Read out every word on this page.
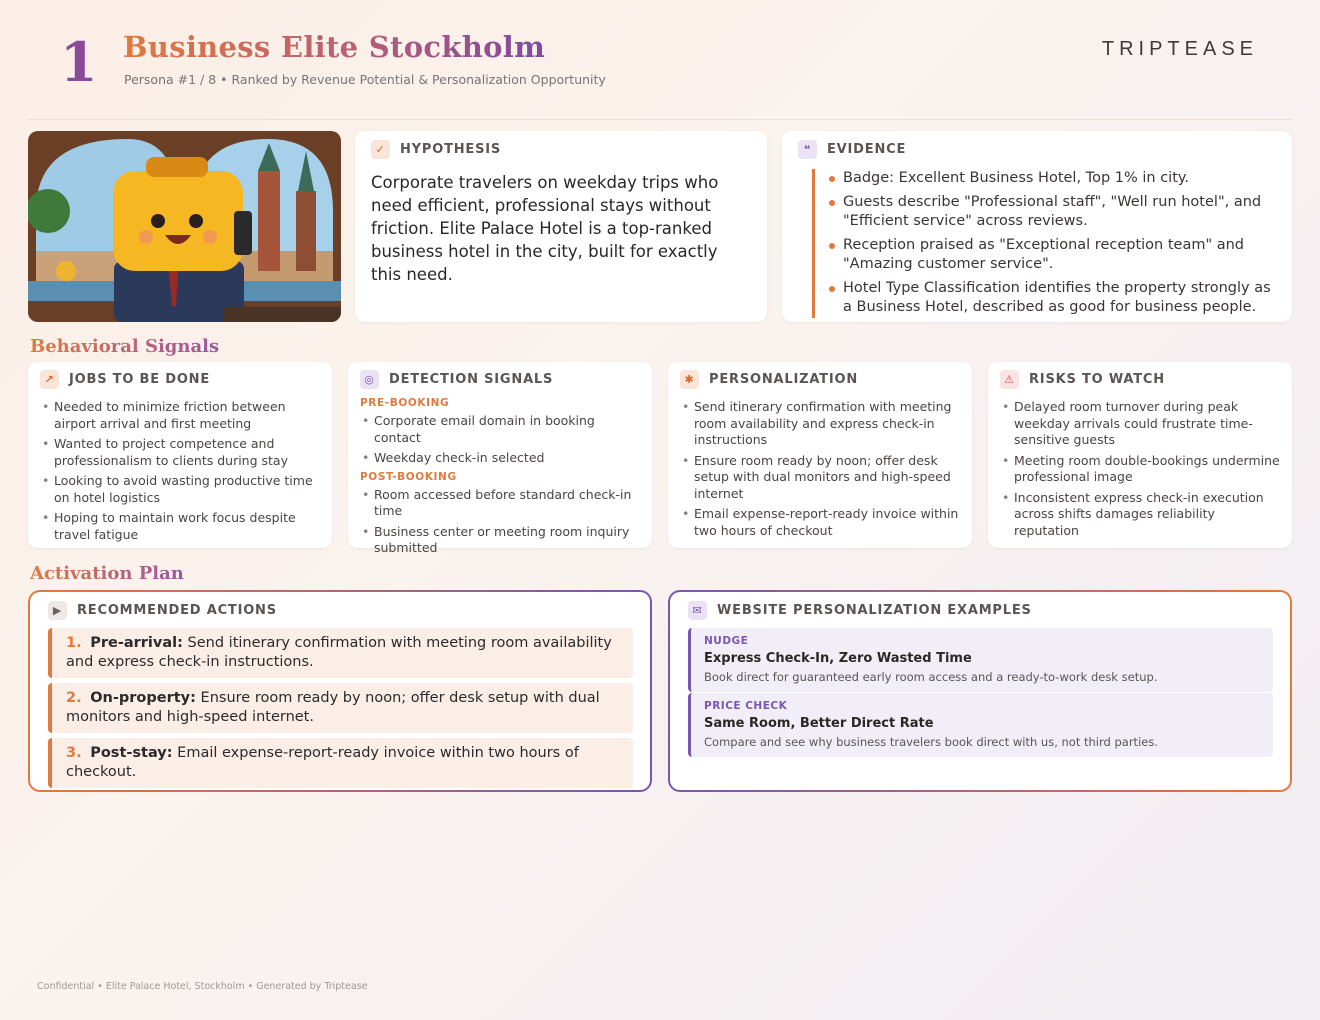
1 Business Elite Stockholm
Persona #1 / 8 • Ranked by Revenue Potential & Personalization Opportunity
TRIPTEASE
✓	HYPOTHESIS
Corporate travelers on weekday trips who need efficient, professional stays without friction. Elite Palace Hotel is a top-ranked business hotel in the city, built for exactly this need.
❝	EVIDENCE
Badge: Excellent Business Hotel, Top 1% in city.
Guests describe "Professional staff", "Well run hotel", and "Efficient service" across reviews.
Reception praised as "Exceptional reception team" and "Amazing customer service".
Hotel Type Classification identifies the property strongly as a Business Hotel, described as good for business people.
Behavioral Signals
↗	JOBS TO BE DONE
• Needed to minimize friction between airport arrival and first meeting
• Wanted to project competence and professionalism to clients during stay
• Looking to avoid wasting productive time on hotel logistics
• Hoping to maintain work focus despite travel fatigue
◎	DETECTION SIGNALS
PRE-BOOKING
• Corporate email domain in booking contact
• Weekday check-in selected
POST-BOOKING
• Room accessed before standard check-in time
• Business center or meeting room inquiry submitted
✱	PERSONALIZATION
• Send itinerary confirmation with meeting room availability and express check-in instructions
• Ensure room ready by noon; offer desk setup with dual monitors and high-speed internet
• Email expense-report-ready invoice within two hours of checkout
⚠	RISKS TO WATCH
• Delayed room turnover during peak weekday arrivals could frustrate time-sensitive guests
• Meeting room double-bookings undermine professional image
• Inconsistent express check-in execution across shifts damages reliability reputation
Activation Plan
▶	RECOMMENDED ACTIONS
1. Pre-arrival: Send itinerary confirmation with meeting room availability and express check-in instructions.
2. On-property: Ensure room ready by noon; offer desk setup with dual monitors and high-speed internet.
3. Post-stay: Email expense-report-ready invoice within two hours of checkout.
✉	WEBSITE PERSONALIZATION EXAMPLES
NUDGE
Express Check-In, Zero Wasted Time
Book direct for guaranteed early room access and a ready-to-work desk setup.
PRICE CHECK
Same Room, Better Direct Rate
Compare and see why business travelers book direct with us, not third parties.
Confidential • Elite Palace Hotel, Stockholm • Generated by Triptease
